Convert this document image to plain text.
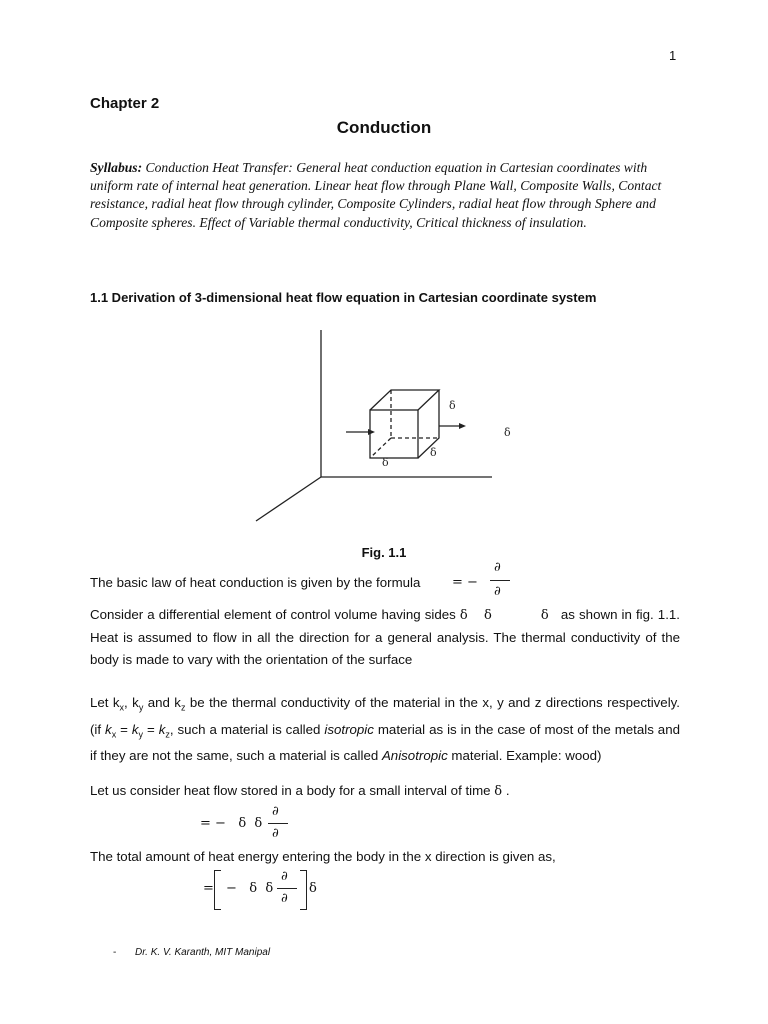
1
Chapter 2
Conduction
Syllabus: Conduction Heat Transfer: General heat conduction equation in Cartesian coordinates with uniform rate of internal heat generation. Linear heat flow through Plane Wall, Composite Walls, Contact resistance, radial heat flow through cylinder, Composite Cylinders, radial heat flow through Sphere and Composite spheres. Effect of Variable thermal conductivity, Critical thickness of insulation.
1.1 Derivation of 3-dimensional heat flow equation in Cartesian coordinate system
δ
δ
δ
δ
Fig. 1.1
The basic law of heat conduction is given by the formula = −
∂
∂
Consider a differential element of control volume having sides δ δ	δ as shown in fig. 1.1. Heat is assumed to flow in all the direction for a general analysis. The thermal conductivity of the body is made to vary with the orientation of the surface
Let $k_x$, $k_y$ and $k_z$ be the thermal conductivity of the material in the x, y and z directions respectively. (if $k_x = k_y = k_z$, such a material is called isotropic material as is in the case of most of the metals and if they are not the same, such a material is called Anisotropic material. Example: wood)
Let us consider heat flow stored in a body for a small interval of time δ .
= −   δ  δ
∂
∂
The total amount of heat energy entering the body in the x direction is given as,
= −   δ  δ
∂
∂
δ
- Dr. K. V. Karanth, MIT Manipal
